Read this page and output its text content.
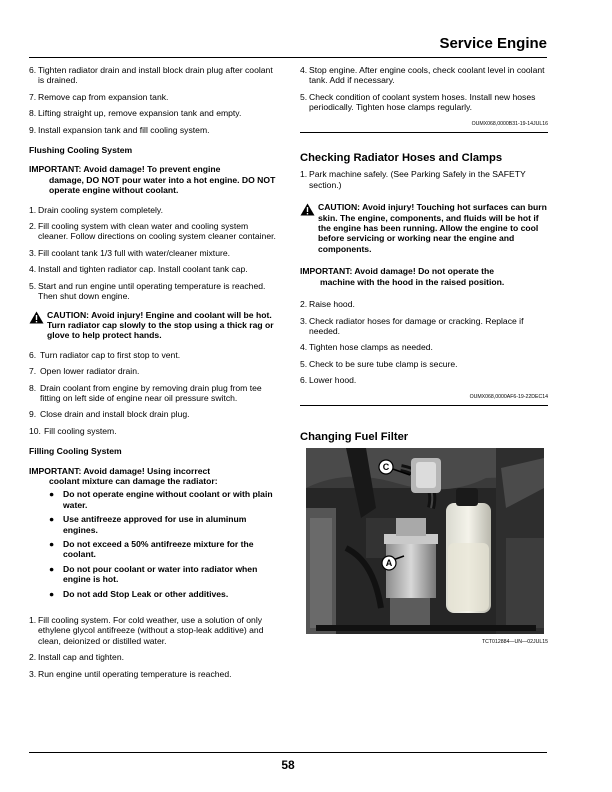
Service Engine
6. Tighten radiator drain and install block drain plug after coolant is drained.
7. Remove cap from expansion tank.
8. Lifting straight up, remove expansion tank and empty.
9. Install expansion tank and fill cooling system.
Flushing Cooling System
IMPORTANT: Avoid damage! To prevent engine
damage, DO NOT pour water into a hot engine. DO NOT operate engine without coolant.
1. Drain cooling system completely.
2. Fill cooling system with clean water and cooling system cleaner. Follow directions on cooling system cleaner container.
3. Fill coolant tank 1/3 full with water/cleaner mixture.
4. Install and tighten radiator cap. Install coolant tank cap.
5. Start and run engine until operating temperature is reached. Then shut down engine.
CAUTION: Avoid injury! Engine and coolant will be hot. Turn radiator cap slowly to the stop using a thick rag or glove to help protect hands.
6. Turn radiator cap to first stop to vent.
7. Open lower radiator drain.
8. Drain coolant from engine by removing drain plug from tee fitting on left side of engine near oil pressure switch.
9. Close drain and install block drain plug.
10. Fill cooling system.
Filling Cooling System
IMPORTANT: Avoid damage! Using incorrect
coolant mixture can damage the radiator:
●	Do not operate engine without coolant or with plain water.
●	Use antifreeze approved for use in aluminum engines.
●	Do not exceed a 50% antifreeze mixture for the coolant.
●	Do not pour coolant or water into radiator when engine is hot.
●	Do not add Stop Leak or other additives.
1. Fill cooling system. For cold weather, use a solution of only ethylene glycol antifreeze (without a stop-leak additive) and clean, deionized or distilled water.
2. Install cap and tighten.
3. Run engine until operating temperature is reached.
4. Stop engine. After engine cools, check coolant level in coolant tank. Add if necessary.
5. Check condition of coolant system hoses. Install new hoses periodically. Tighten hose clamps regularly.
OUMX068,0000B31-19-14JUL16
Checking Radiator Hoses and Clamps
1. Park machine safely. (See Parking Safely in the SAFETY section.)
CAUTION: Avoid injury! Touching hot surfaces can burn skin. The engine, components, and fluids will be hot if the engine has been running. Allow the engine to cool before servicing or working near the engine and components.
IMPORTANT: Avoid damage! Do not operate the
machine with the hood in the raised position.
2. Raise hood.
3. Check radiator hoses for damage or cracking. Replace if needed.
4. Tighten hose clamps as needed.
5. Check to be sure tube clamp is secure.
6. Lower hood.
OUMX068,0000AF6-19-22DEC14
Changing Fuel Filter
C
A
TCT012884—UN—02JUL15
58
